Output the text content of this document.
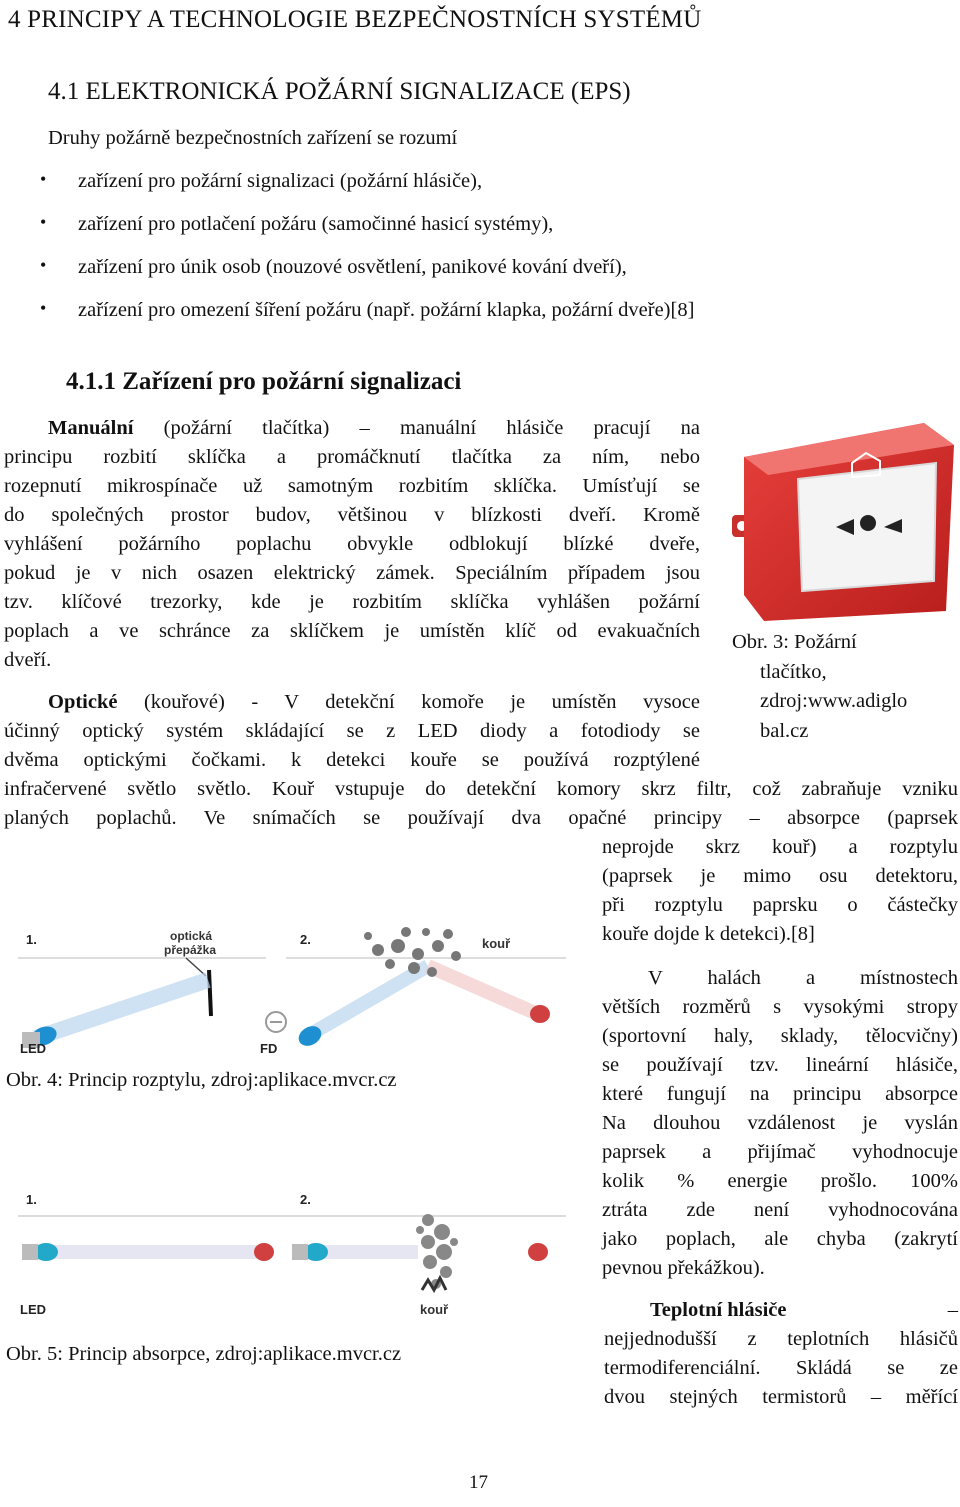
4 PRINCIPY A TECHNOLOGIE BEZPEČNOSTNÍCH SYSTÉMŮ
4.1 ELEKTRONICKÁ POŽÁRNÍ SIGNALIZACE (EPS)
Druhy požárně bezpečnostních zařízení se rozumí
• zařízení pro požární signalizaci (požární hlásiče),
• zařízení pro potlačení požáru (samočinné hasicí systémy),
• zařízení pro únik osob (nouzové osvětlení, panikové kování dveří),
• zařízení pro omezení šíření požáru (např. požární klapka, požární dveře)[8]
4.1.1 Zařízení pro požární signalizaci
Manuální (požární tlačítka) – manuální hlásiče pracují na
principu rozbití sklíčka a promáčknutí tlačítka za ním, nebo
rozepnutí mikrospínače už samotným rozbitím sklíčka. Umísťují se
do společných prostor budov, většinou v blízkosti dveří. Kromě
vyhlášení požárního poplachu obvykle odblokují blízké dveře,
pokud je v nich osazen elektrický zámek. Speciálním případem jsou
tzv. klíčové trezorky, kde je rozbitím sklíčka vyhlášen požární
poplach a ve schránce za sklíčkem je umístěn klíč od evakuačních
dveří.
Obr. 3: Požární
tlačítko,
zdroj:www.adiglo
bal.cz
Optické (kouřové) - V detekční komoře je umístěn vysoce
účinný optický systém skládající se z LED diody a fotodiody se
dvěma optickými čočkami. k detekci kouře se používá rozptýlené
infračervené světlo světlo. Kouř vstupuje do detekční komory skrz filtr, což zabraňuje vzniku
planých poplachů. Ve snímačích se používají dva opačné principy – absorpce (paprsek
neprojde skrz kouř) a rozptylu
(paprsek je mimo osu detektoru,
při rozptylu paprsku o částečky
kouře dojde k detekci).[8]
1.	2.
optická
přepážka
LED	FD
kouř
Obr. 4: Princip rozptylu, zdroj:aplikace.mvcr.cz
V halách a místnostech
větších rozměrů s vysokými stropy
(sportovní haly, sklady, tělocvičny)
se používají tzv. lineární hlásiče,
které fungují na principu absorpce
Na dlouhou vzdálenost je vyslán
paprsek a přijímač vyhodnocuje
kolik % energie prošlo. 100%
ztráta zde není vyhodnocována
jako poplach, ale chyba (zakrytí
pevnou překážkou).
1.	2.
LED	kouř
Obr. 5: Princip absorpce, zdroj:aplikace.mvcr.cz
Teplotní hlásiče	–
nejjednodušší z teplotních hlásičů
termodiferenciální. Skládá se ze
dvou stejných termistorů – měřící
17
